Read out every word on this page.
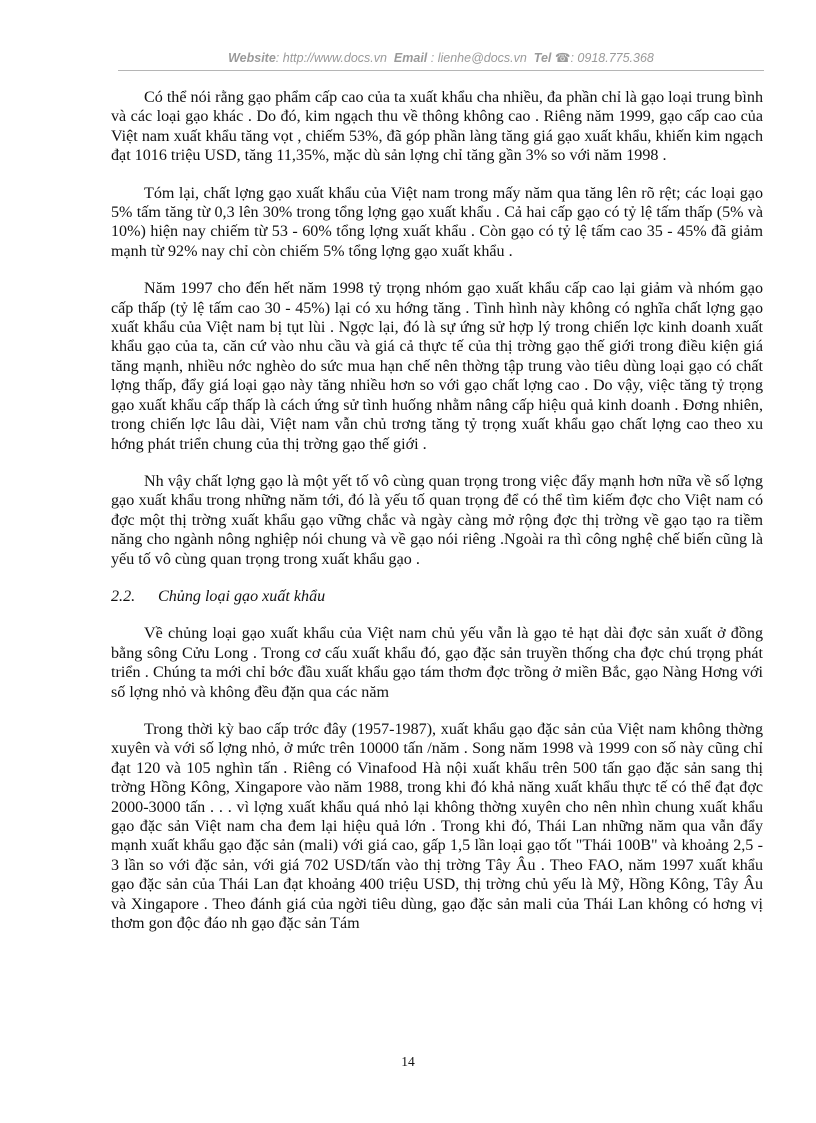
Website: http://www.docs.vn Email : lienhe@docs.vn Tel ☎: 0918.775.368

Có thể nói rằng gạo phẩm cấp cao của ta xuất khẩu cha nhiều, đa phần chỉ là gạo loại trung bình và các loại gạo khác . Do đó, kim ngạch thu về thông không cao . Riêng năm 1999, gạo cấp cao của Việt nam xuất khẩu tăng vọt , chiếm 53%, đã góp phần làng tăng giá gạo xuất khẩu, khiến kim ngạch đạt 1016 triệu USD, tăng 11,35%, mặc dù sản lợng chỉ tăng gần 3% so với năm 1998 .

Tóm lại, chất lợng gạo xuất khẩu của Việt nam trong mấy năm qua tăng lên rõ rệt; các loại gạo 5% tấm tăng từ 0,3 lên 30% trong tổng lợng gạo xuất khẩu . Cả hai cấp gạo có tỷ lệ tấm thấp (5% và 10%) hiện nay chiếm từ 53 - 60% tổng lợng xuất khẩu . Còn gạo có tỷ lệ tấm cao 35 - 45% đã giảm mạnh từ 92% nay chỉ còn chiếm 5% tổng lợng gạo xuất khẩu .

Năm 1997 cho đến hết năm 1998 tỷ trọng nhóm gạo xuất khẩu cấp cao lại giảm và nhóm gạo cấp thấp (tỷ lệ tấm cao 30 - 45%) lại có xu hớng tăng . Tình hình này không có nghĩa chất lợng gạo xuất khẩu của Việt nam bị tụt lùi . Ngợc lại, đó là sự ứng sử hợp lý trong chiến lợc kinh doanh xuất khẩu gạo của ta, căn cứ vào nhu cầu và giá cả thực tế của thị trờng gạo thế giới trong điều kiện giá tăng mạnh, nhiều nớc nghèo do sức mua hạn chế nên thờng tập trung vào tiêu dùng loại gạo có chất lợng thấp, đẩy giá loại gạo này tăng nhiều hơn so với gạo chất lợng cao . Do vậy, việc tăng tỷ trọng gạo xuất khẩu cấp thấp là cách ứng sử tình huống nhằm nâng cấp hiệu quả kinh doanh . Đơng nhiên, trong chiến lợc lâu dài, Việt nam vẫn chủ trơng tăng tỷ trọng xuất khẩu gạo chất lợng cao theo xu hớng phát triển chung của thị trờng gạo thế giới .

Nh vậy chất lợng gạo là một yết tố vô cùng quan trọng trong việc đẩy mạnh hơn nữa về số lợng gạo xuất khẩu trong những năm tới, đó là yếu tố quan trọng để có thể tìm kiếm đợc cho Việt nam có đợc một thị trờng xuất khẩu gạo vững chắc và ngày càng mở rộng đợc thị trờng về gạo tạo ra tiềm năng cho ngành nông nghiệp nói chung và về gạo nói riêng .Ngoài ra thì công nghệ chế biến cũng là yếu tố vô cùng quan trọng trong xuất khẩu gạo .

2.2. Chủng loại gạo xuất khẩu

Về chủng loại gạo xuất khẩu của Việt nam chủ yếu vẫn là gạo tẻ hạt dài đợc sản xuất ở đồng bằng sông Cửu Long . Trong cơ cấu xuất khẩu đó, gạo đặc sản truyền thống cha đợc chú trọng phát triển . Chúng ta mới chỉ bớc đầu xuất khẩu gạo tám thơm đợc trồng ở miền Bắc, gạo Nàng Hơng với số lợng nhỏ và không đều đặn qua các năm

Trong thời kỳ bao cấp trớc đây (1957-1987), xuất khẩu gạo đặc sản của Việt nam không thờng xuyên và với số lợng nhỏ, ở mức trên 10000 tấn /năm . Song năm 1998 và 1999 con số này cũng chỉ đạt 120 và 105 nghìn tấn . Riêng có Vinafood Hà nội xuất khẩu trên 500 tấn gạo đặc sản sang thị trờng Hồng Kông, Xingapore vào năm 1988, trong khi đó khả năng xuất khẩu thực tế có thể đạt đợc 2000-3000 tấn . . . vì lợng xuất khẩu quá nhỏ lại không thờng xuyên cho nên nhìn chung xuất khẩu gạo đặc sản Việt nam cha đem lại hiệu quả lớn . Trong khi đó, Thái Lan những năm qua vẫn đẩy mạnh xuất khẩu gạo đặc sản (mali) với giá cao, gấp 1,5 lần loại gạo tốt "Thái 100B" và khoảng 2,5 - 3 lần so với đặc sản, với giá 702 USD/tấn vào thị trờng Tây Âu . Theo FAO, năm 1997 xuất khẩu gạo đặc sản của Thái Lan đạt khoảng 400 triệu USD, thị trờng chủ yếu là Mỹ, Hồng Kông, Tây Âu và Xingapore . Theo đánh giá của ngời tiêu dùng, gạo đặc sản mali của Thái Lan không có hơng vị thơm gon độc đáo nh gạo đặc sản Tám

14
